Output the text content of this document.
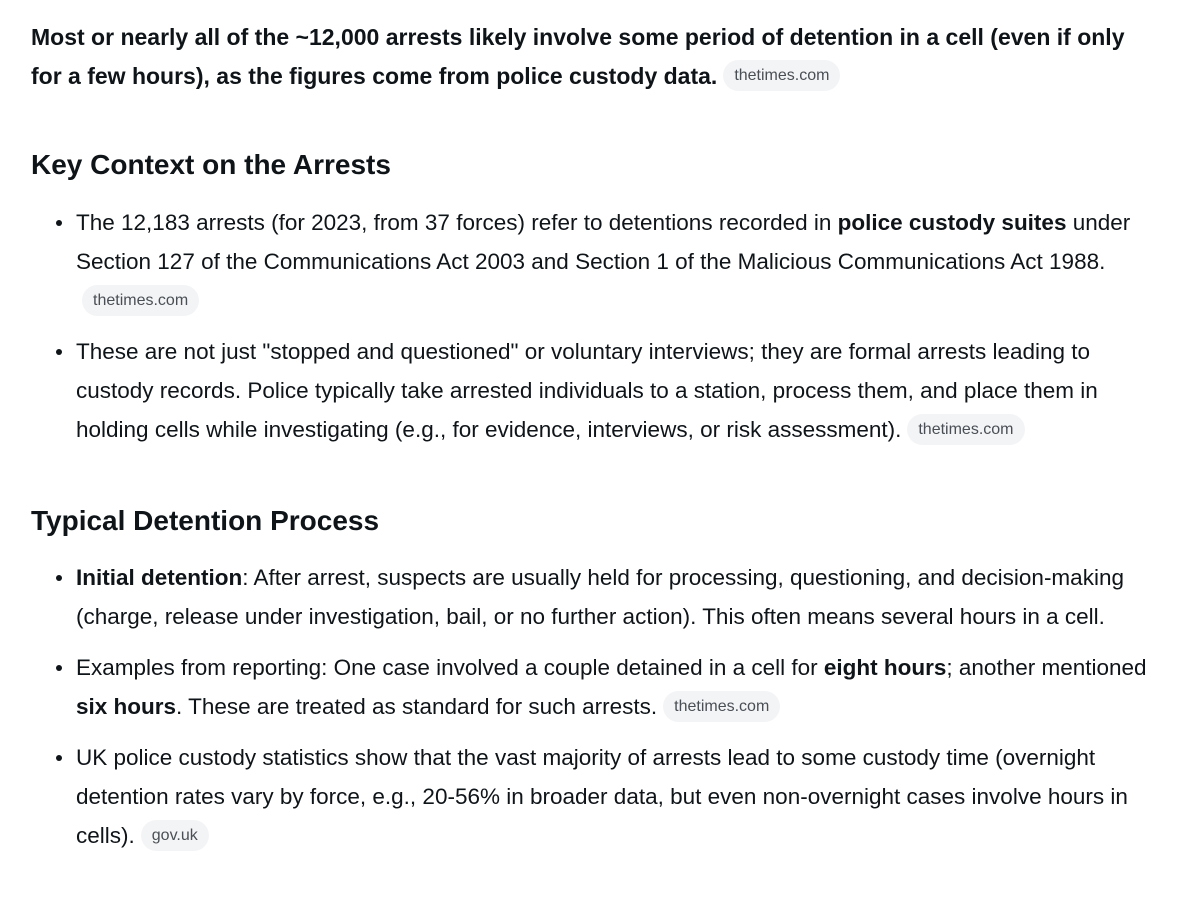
Most or nearly all of the ~12,000 arrests likely involve some period of detention in a cell (even if only for a few hours), as the figures come from police custody data. thetimes.com

Key Context on the Arrests
The 12,183 arrests (for 2023, from 37 forces) refer to detentions recorded in police custody suites under Section 127 of the Communications Act 2003 and Section 1 of the Malicious Communications Act 1988.thetimes.com
These are not just "stopped and questioned" or voluntary interviews; they are formal arrests leading to custody records. Police typically take arrested individuals to a station, process them, and place them in holding cells while investigating (e.g., for evidence, interviews, or risk assessment). thetimes.com
Typical Detention Process
Initial detention: After arrest, suspects are usually held for processing, questioning, and decision-making (charge, release under investigation, bail, or no further action). This often means several hours in a cell.
Examples from reporting: One case involved a couple detained in a cell for eight hours; another mentioned six hours. These are treated as standard for such arrests. thetimes.com
UK police custody statistics show that the vast majority of arrests lead to some custody time (overnight detention rates vary by force, e.g., 20-56% in broader data, but even non-overnight cases involve hours in cells). gov.uk
